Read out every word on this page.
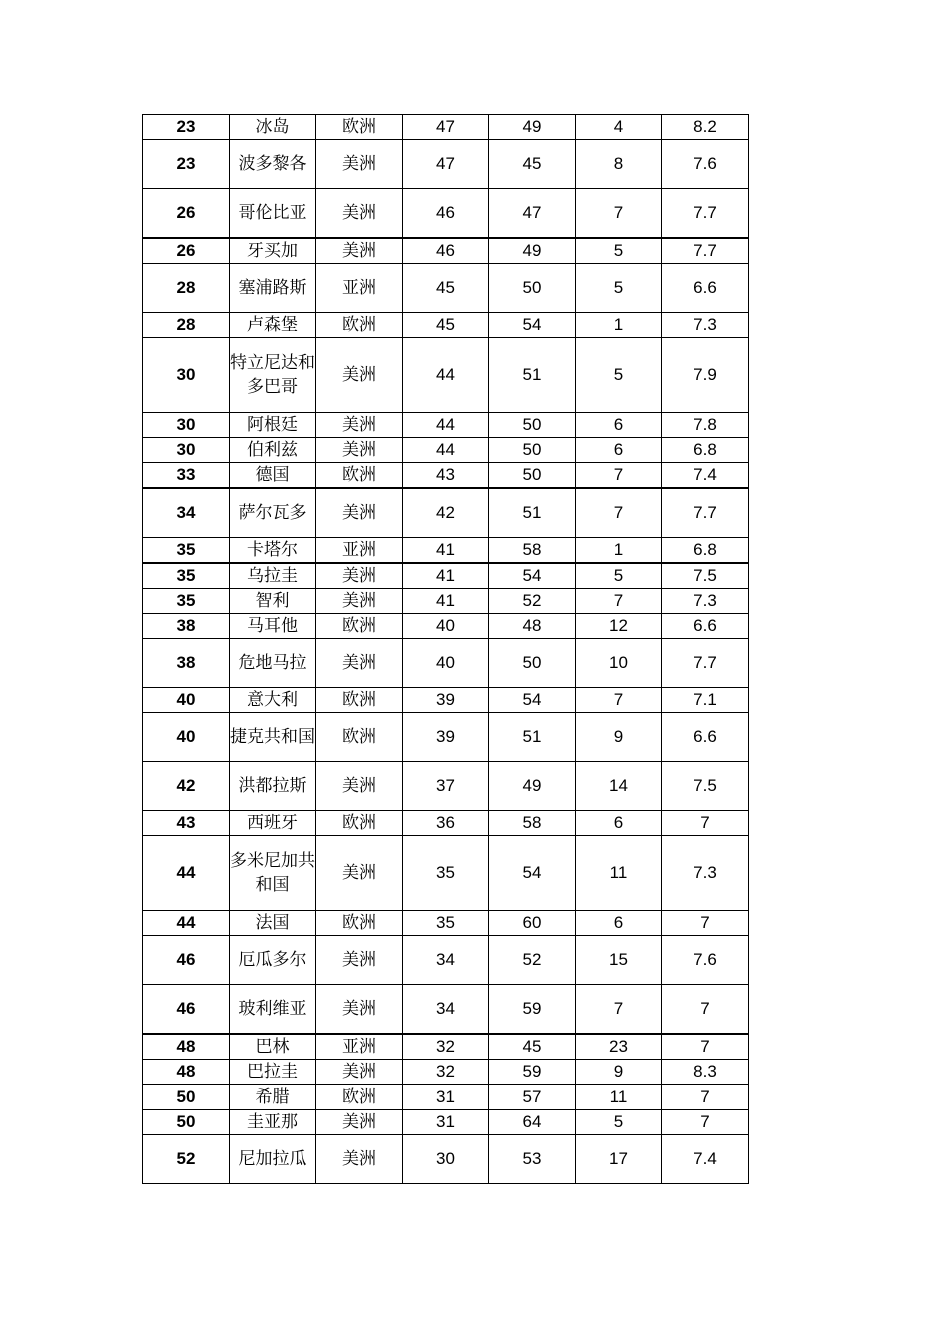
23	冰岛	欧洲	47	49	4	8.2
23	波多黎各	美洲	47	45	8	7.6
26	哥伦比亚	美洲	46	47	7	7.7
26	牙买加	美洲	46	49	5	7.7
28	塞浦路斯	亚洲	45	50	5	6.6
28	卢森堡	欧洲	45	54	1	7.3
30	特立尼达和多巴哥	美洲	44	51	5	7.9
30	阿根廷	美洲	44	50	6	7.8
30	伯利兹	美洲	44	50	6	6.8
33	德国	欧洲	43	50	7	7.4
34	萨尔瓦多	美洲	42	51	7	7.7
35	卡塔尔	亚洲	41	58	1	6.8
35	乌拉圭	美洲	41	54	5	7.5
35	智利	美洲	41	52	7	7.3
38	马耳他	欧洲	40	48	12	6.6
38	危地马拉	美洲	40	50	10	7.7
40	意大利	欧洲	39	54	7	7.1
40	捷克共和国	欧洲	39	51	9	6.6
42	洪都拉斯	美洲	37	49	14	7.5
43	西班牙	欧洲	36	58	6	7
44	多米尼加共和国	美洲	35	54	11	7.3
44	法国	欧洲	35	60	6	7
46	厄瓜多尔	美洲	34	52	15	7.6
46	玻利维亚	美洲	34	59	7	7
48	巴林	亚洲	32	45	23	7
48	巴拉圭	美洲	32	59	9	8.3
50	希腊	欧洲	31	57	11	7
50	圭亚那	美洲	31	64	5	7
52	尼加拉瓜	美洲	30	53	17	7.4
